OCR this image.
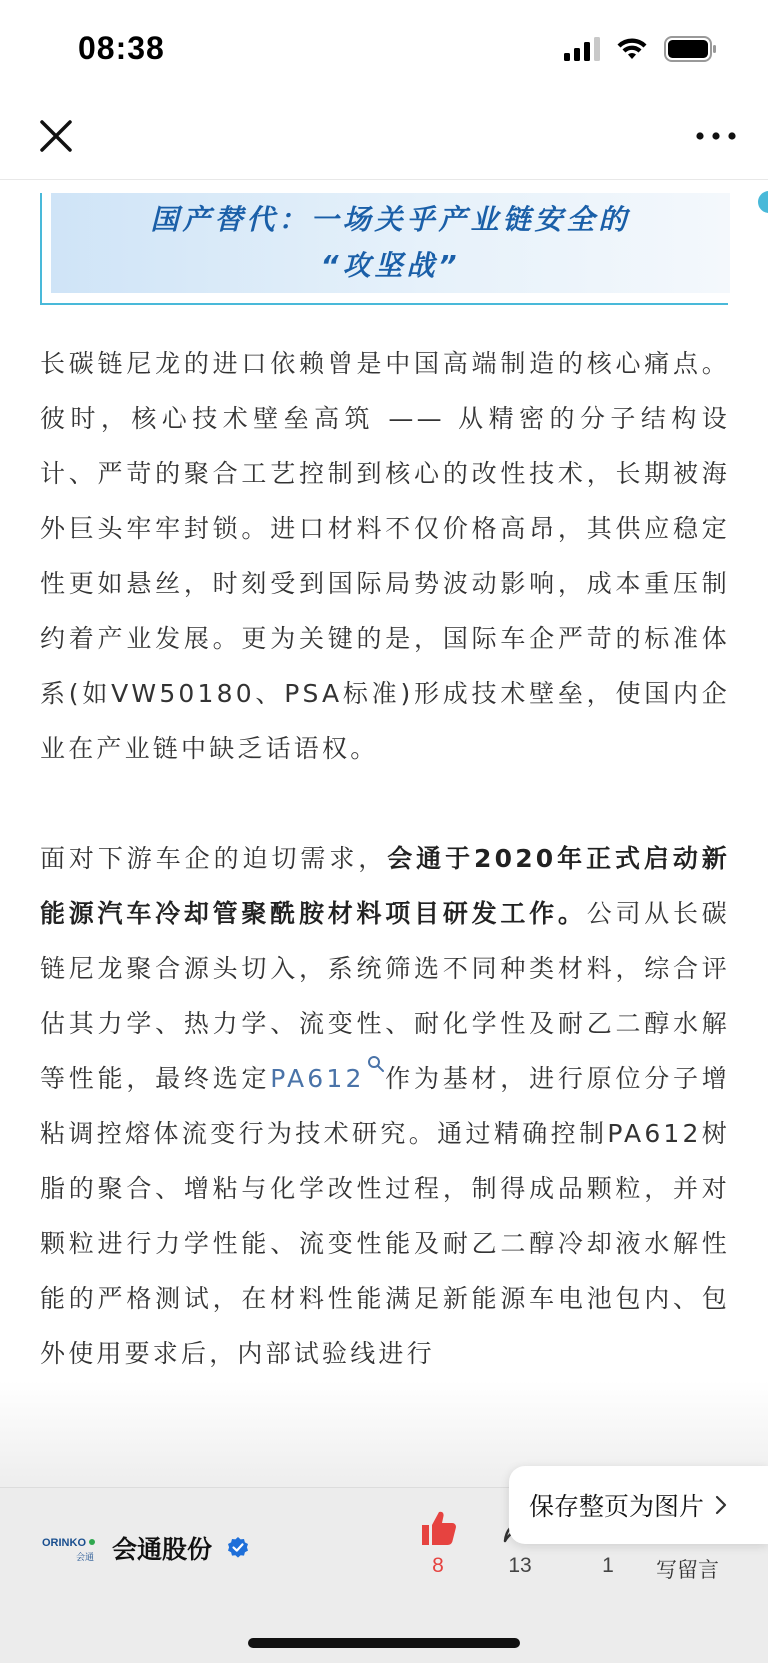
08:38
国产替代：一场关乎产业链安全的
“攻坚战”

长碳链尼龙的进口依赖曾是中国高端制造的核心痛点。彼时，核心技术壁垒高筑 —— 从精密的分子结构设计、严苛的聚合工艺控制到核心的改性技术，长期被海外巨头牢牢封锁。进口材料不仅价格高昂，其供应稳定性更如悬丝，时刻受到国际局势波动影响，成本重压制约着产业发展。更为关键的是，国际车企严苛的标准体系(如VW50180、PSA标准)形成技术壁垒，使国内企业在产业链中缺乏话语权。

面对下游车企的迫切需求，会通于2020年正式启动新能源汽车冷却管聚酰胺材料项目研发工作。公司从长碳链尼龙聚合源头切入，系统筛选不同种类材料，综合评估其力学、热力学、流变性、耐化学性及耐乙二醇水解等性能，最终选定PA612 作为基材，进行原位分子增粘调控熔体流变行为技术研究。通过精确控制PA612树脂的聚合、增粘与化学改性过程，制得成品颗粒，并对颗粒进行力学性能、流变性能及耐乙二醇冷却液水解性能的严格测试，在材料性能满足新能源车电池包内、包外使用要求后，内部试验线进行

ORINKO
会通 会通股份
8	13	1 写留言
保存整页为图片
